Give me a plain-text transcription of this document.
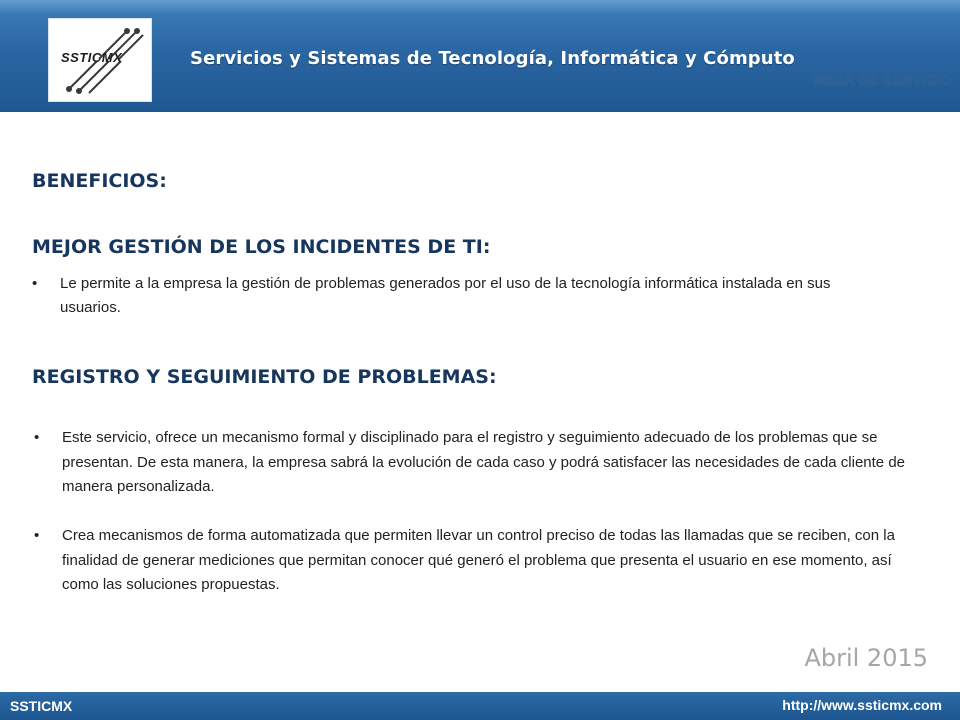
SSTICMX	Servicios y Sistemas de Tecnología, Informática y Cómputo
MESA DE SERVICIO
BENEFICIOS:
MEJOR GESTIÓN DE LOS INCIDENTES DE TI:
• Le permite a la empresa la gestión de problemas generados por el uso de la tecnología informática instalada en sus usuarios.
REGISTRO Y SEGUIMIENTO DE PROBLEMAS:
• Este servicio, ofrece un mecanismo formal y disciplinado para el registro y seguimiento adecuado de los problemas que se presentan. De esta manera, la empresa sabrá la evolución de cada caso y podrá satisfacer las necesidades de cada cliente de manera personalizada.
• Crea mecanismos de forma automatizada que permiten llevar un control preciso de todas las llamadas que se reciben, con la finalidad de generar mediciones que permitan conocer qué generó el problema que presenta el usuario en ese momento, así como las soluciones propuestas.
Abril 2015
SSTICMX	http://www.ssticmx.com
